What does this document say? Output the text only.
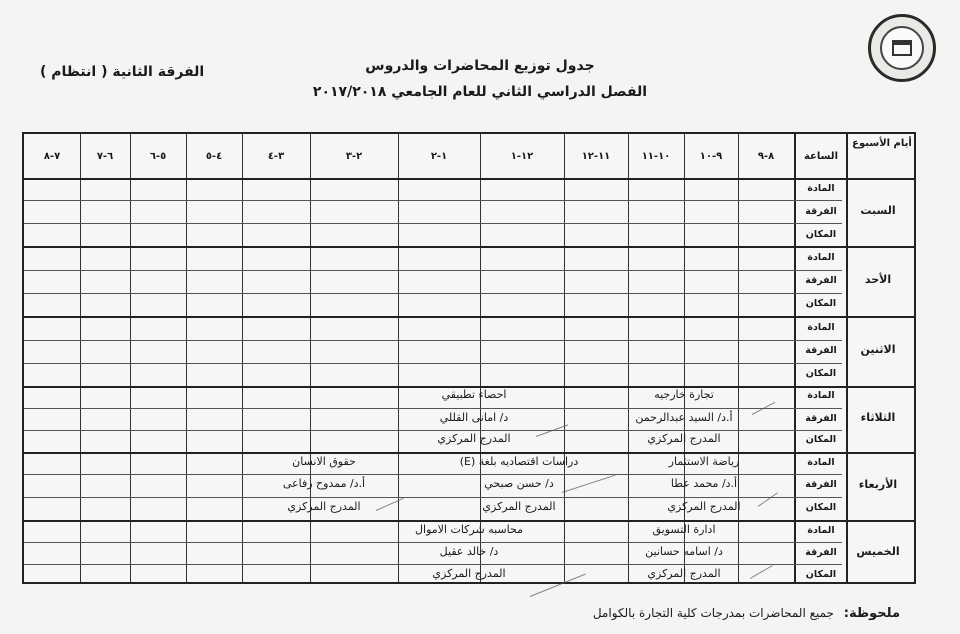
جدول توزيع المحاضرات والدروس
الفصل الدراسي الثاني للعام الجامعي ٢٠١٧/٢٠١٨
الفرقة الثانية ( انتظام )
أيام الأسبوع
الساعة
٨-٩
٩-١٠
١٠-١١
١١-١٢
١٢-١
١-٢
٢-٣
٣-٤
٤-٥
٥-٦
٦-٧
٧-٨
السبت
الأحد
الاثنين
الثلاثاء
الأربعاء
الخميس
المادة
الفرقة
المكان
المادة
الفرقة
المكان
المادة
الفرقة
المكان
المادة
الفرقة
المكان
المادة
الفرقة
المكان
المادة
الفرقة
المكان
تجارة خارجيه
أ.د/ السيد عبدالرحمن
المدرج المركزي
احصاء تطبيقي
د/ امانى القللي
المدرج المركزي
رياضة الاستثمار
أ.د/ محمد عطا
المدرج المركزي
دراسات اقتصاديه بلغة (E)
د/ حسن صبحي
المدرج المركزي
حقوق الانسان
أ.د/ ممدوح رفاعى
المدرج المركزي
ادارة التسويق
د/ اسامه حسانين
المدرج المركزي
محاسبه شركات الاموال
د/ خالد عقيل
المدرج المركزي
ملحوظة: جميع المحاضرات بمدرجات كلية التجارة بالكوامل
